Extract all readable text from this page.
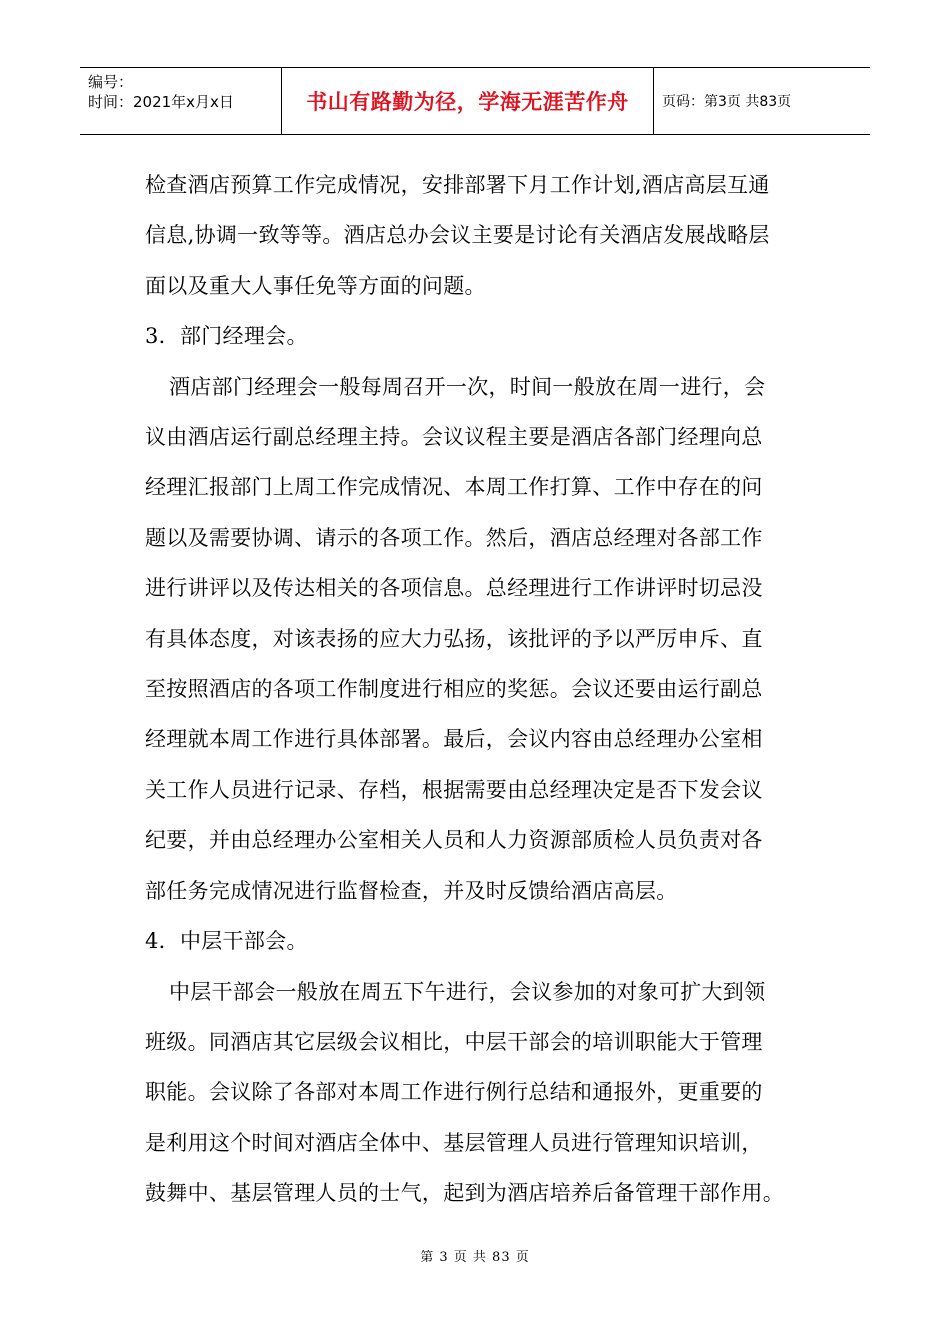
编号：
时间：2021年x月x日	书山有路勤为径，学海无涯苦作舟	页码：第3页 共83页
检查酒店预算工作完成情况，安排部署下月工作计划,酒店高层互通
信息,协调一致等等。酒店总办会议主要是讨论有关酒店发展战略层
面以及重大人事任免等方面的问题。
3．部门经理会。
酒店部门经理会一般每周召开一次，时间一般放在周一进行，会
议由酒店运行副总经理主持。会议议程主要是酒店各部门经理向总
经理汇报部门上周工作完成情况、本周工作打算、工作中存在的问
题以及需要协调、请示的各项工作。然后，酒店总经理对各部工作
进行讲评以及传达相关的各项信息。总经理进行工作讲评时切忌没
有具体态度，对该表扬的应大力弘扬，该批评的予以严厉申斥、直
至按照酒店的各项工作制度进行相应的奖惩。会议还要由运行副总
经理就本周工作进行具体部署。最后，会议内容由总经理办公室相
关工作人员进行记录、存档，根据需要由总经理决定是否下发会议
纪要，并由总经理办公室相关人员和人力资源部质检人员负责对各
部任务完成情况进行监督检查，并及时反馈给酒店高层。
4．中层干部会。
中层干部会一般放在周五下午进行，会议参加的对象可扩大到领
班级。同酒店其它层级会议相比，中层干部会的培训职能大于管理
职能。会议除了各部对本周工作进行例行总结和通报外，更重要的
是利用这个时间对酒店全体中、基层管理人员进行管理知识培训，
鼓舞中、基层管理人员的士气，起到为酒店培养后备管理干部作用。
第 3 页 共 83 页
